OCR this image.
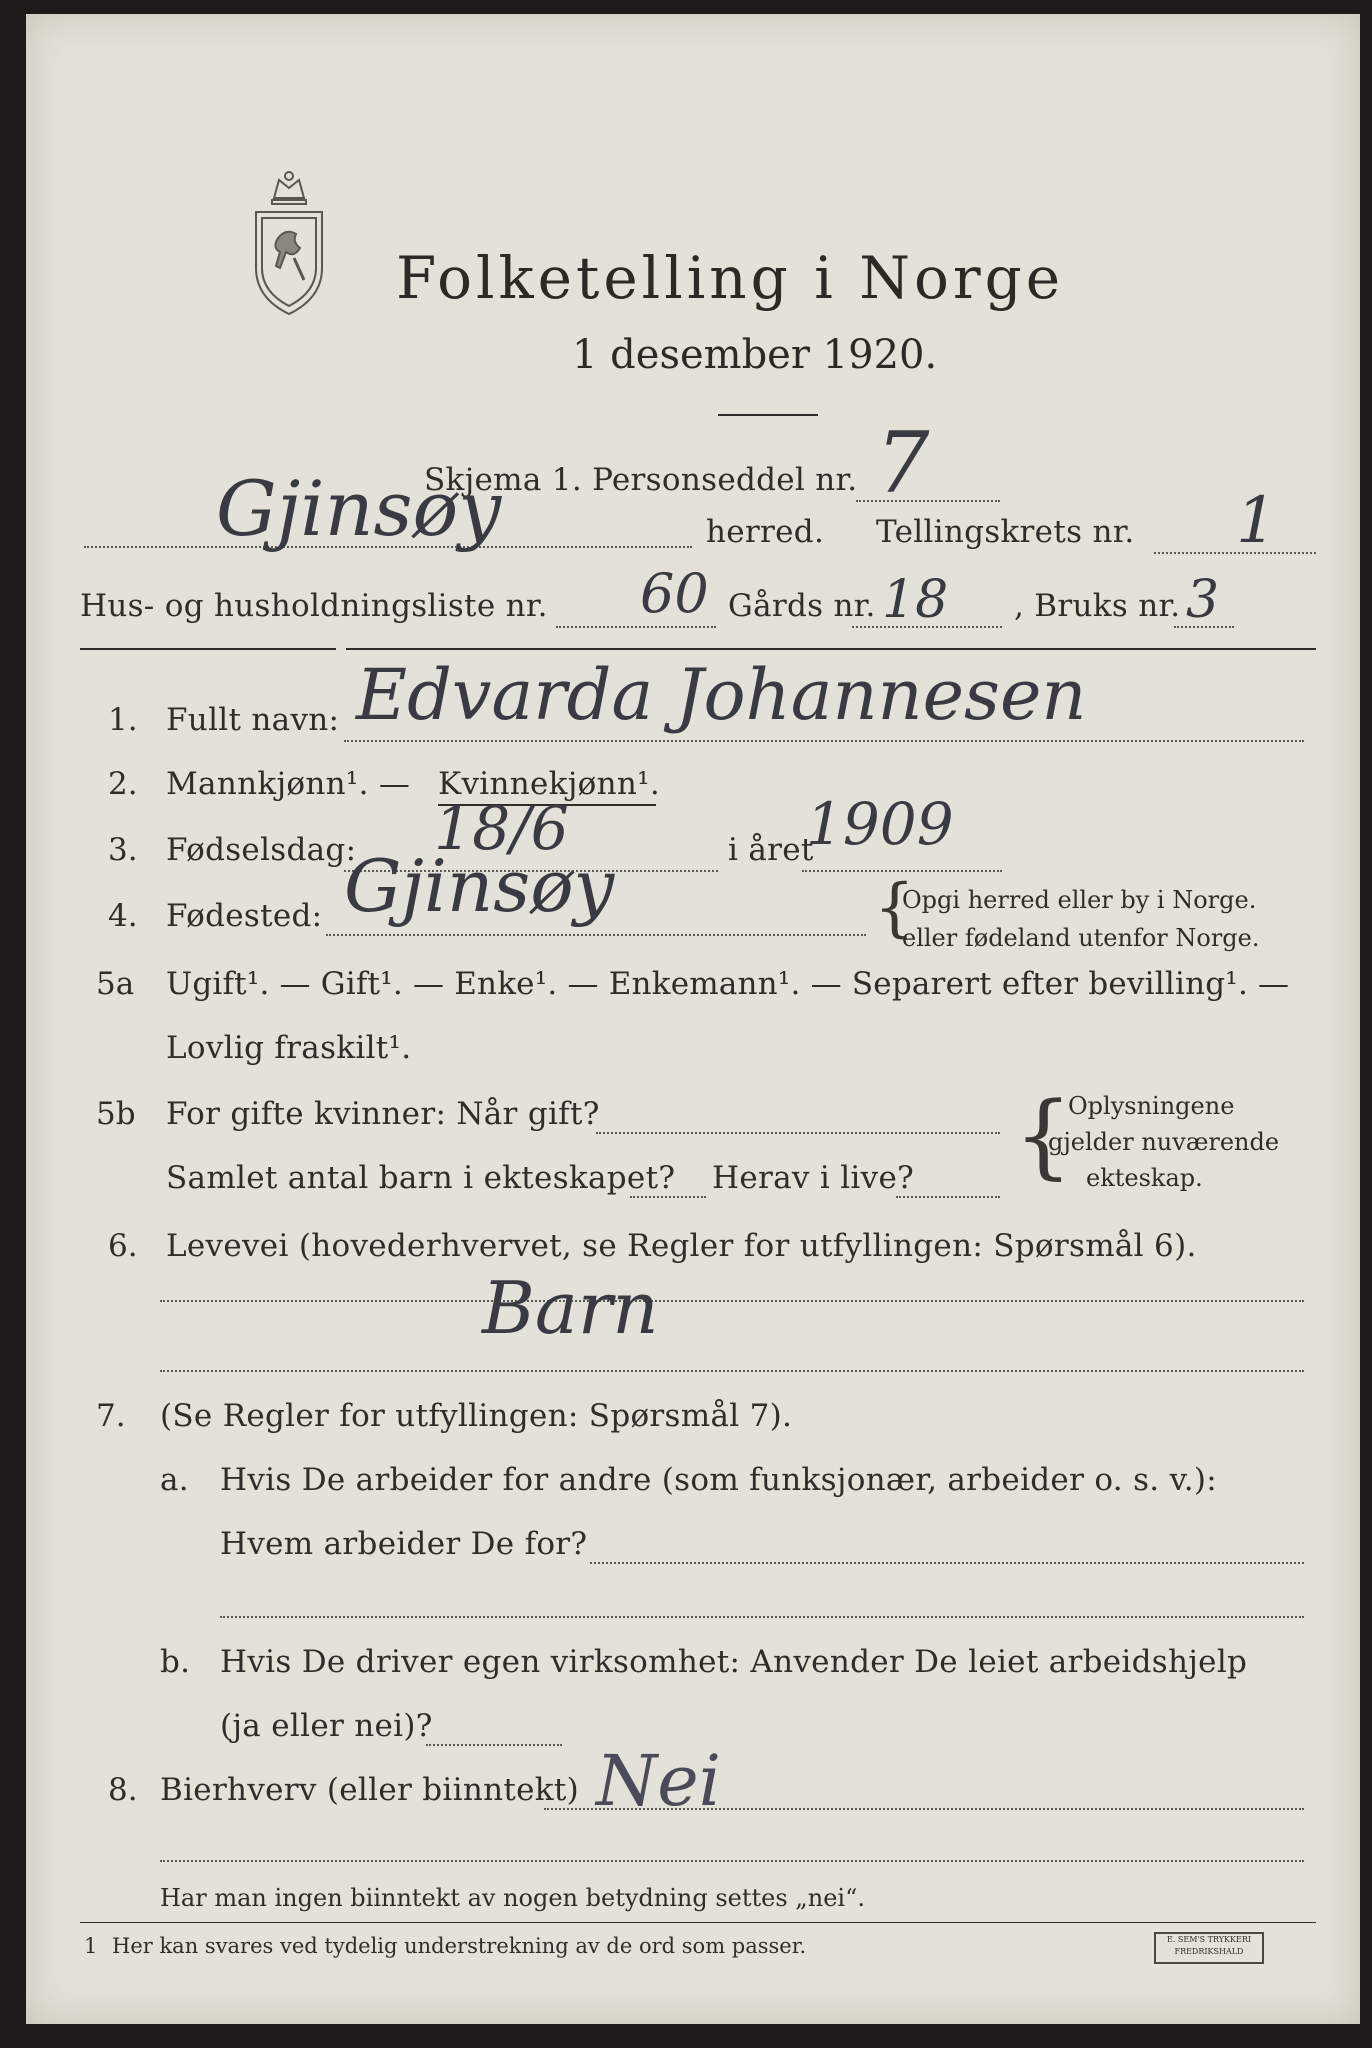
Folketelling i Norge
1 desember 1920.
Skjema 1. Personseddel nr. 7
Gjinsøy	herred. Tellingskrets nr. 1
Hus- og husholdningsliste nr. 60 Gårds nr. 18 , Bruks nr. 3
1. Fullt navn: Edvarda Johannesen
2. Mannkjønn¹. — Kvinnekjønn¹.
3. Fødselsdag: 18/6	i året
1909
4. Fødested: Gjinsøy	{
Opgi herred eller by i Norge.
eller fødeland utenfor Norge.
5a Ugift¹. — Gift¹. — Enke¹. — Enkemann¹. — Separert efter bevilling¹. —
Lovlig fraskilt¹.
5b For gifte kvinner: Når gift?
Samlet antal barn i ekteskapet? Herav i live? {
Oplysningene
gjelder nuværende
ekteskap.
6. Levevei (hovederhvervet, se Regler for utfyllingen: Spørsmål 6).
Barn
7. (Se Regler for utfyllingen: Spørsmål 7).
a. Hvis De arbeider for andre (som funksjonær, arbeider o. s. v.):
Hvem arbeider De for?
b. Hvis De driver egen virksomhet: Anvender De leiet arbeidshjelp
(ja eller nei)?
8. Bierhverv (eller biinntekt) Nei
Har man ingen biinntekt av nogen betydning settes „nei“.
1 Her kan svares ved tydelig understrekning av de ord som passer.	E. SEM'S TRYKKERI FREDRIKSHALD
